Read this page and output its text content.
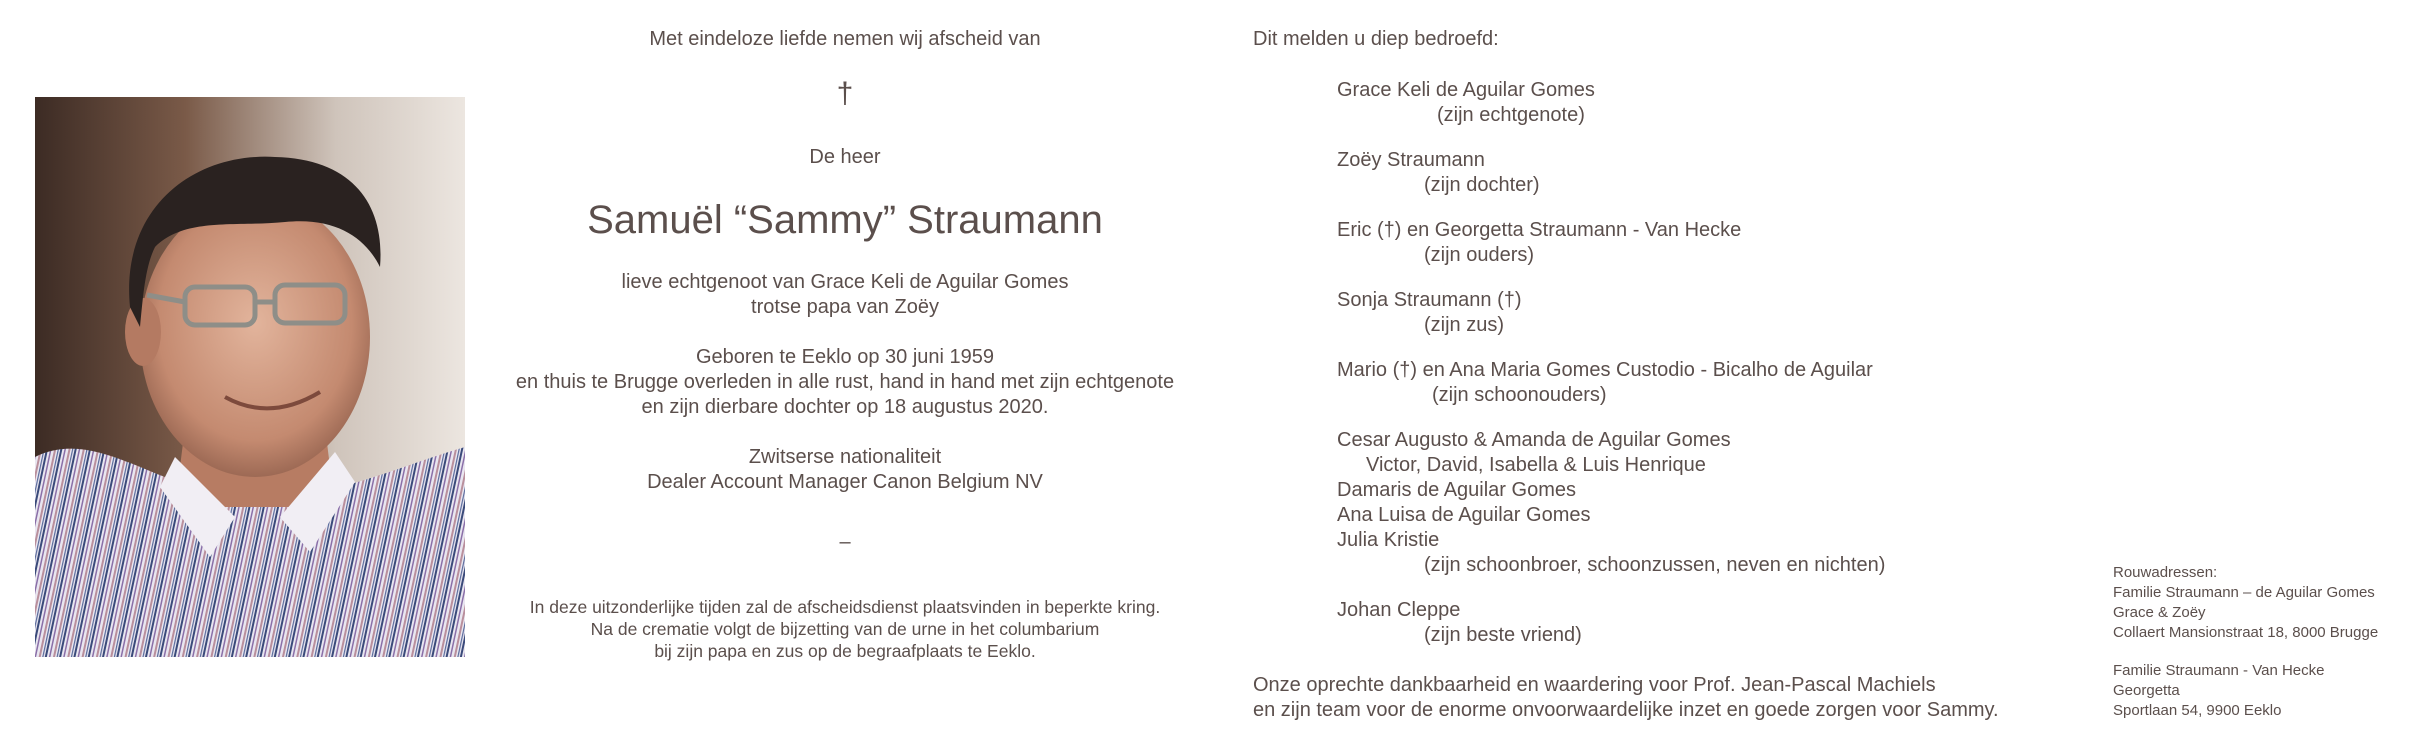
Met eindeloze liefde nemen wij afscheid van
†
De heer
Samuël “Sammy” Straumann
lieve echtgenoot van Grace Keli de Aguilar Gomes
trotse papa van Zoëy
Geboren te Eeklo op 30 juni 1959
en thuis te Brugge overleden in alle rust, hand in hand met zijn echtgenote
en zijn dierbare dochter op 18 augustus 2020.
Zwitserse nationaliteit
Dealer Account Manager Canon Belgium NV
–
In deze uitzonderlijke tijden zal de afscheidsdienst plaatsvinden in beperkte kring.
Na de crematie volgt de bijzetting van de urne in het columbarium
bij zijn papa en zus op de begraafplaats te Eeklo.
Dit melden u diep bedroefd:
Grace Keli de Aguilar Gomes
(zijn echtgenote)
Zoëy Straumann
(zijn dochter)
Eric (†) en Georgetta Straumann - Van Hecke
(zijn ouders)
Sonja Straumann (†)
(zijn zus)
Mario (†) en Ana Maria Gomes Custodio - Bicalho de Aguilar
(zijn schoonouders)
Cesar Augusto & Amanda de Aguilar Gomes
Victor, David, Isabella & Luis Henrique
Damaris de Aguilar Gomes
Ana Luisa de Aguilar Gomes
Julia Kristie
(zijn schoonbroer, schoonzussen, neven en nichten)
Johan Cleppe
(zijn beste vriend)
Onze oprechte dankbaarheid en waardering voor Prof. Jean-Pascal Machiels
en zijn team voor de enorme onvoorwaardelijke inzet en goede zorgen voor Sammy.
Rouwadressen:
Familie Straumann – de Aguilar Gomes
Grace & Zoëy
Collaert Mansionstraat 18, 8000 Brugge
Familie Straumann - Van Hecke
Georgetta
Sportlaan 54, 9900 Eeklo
